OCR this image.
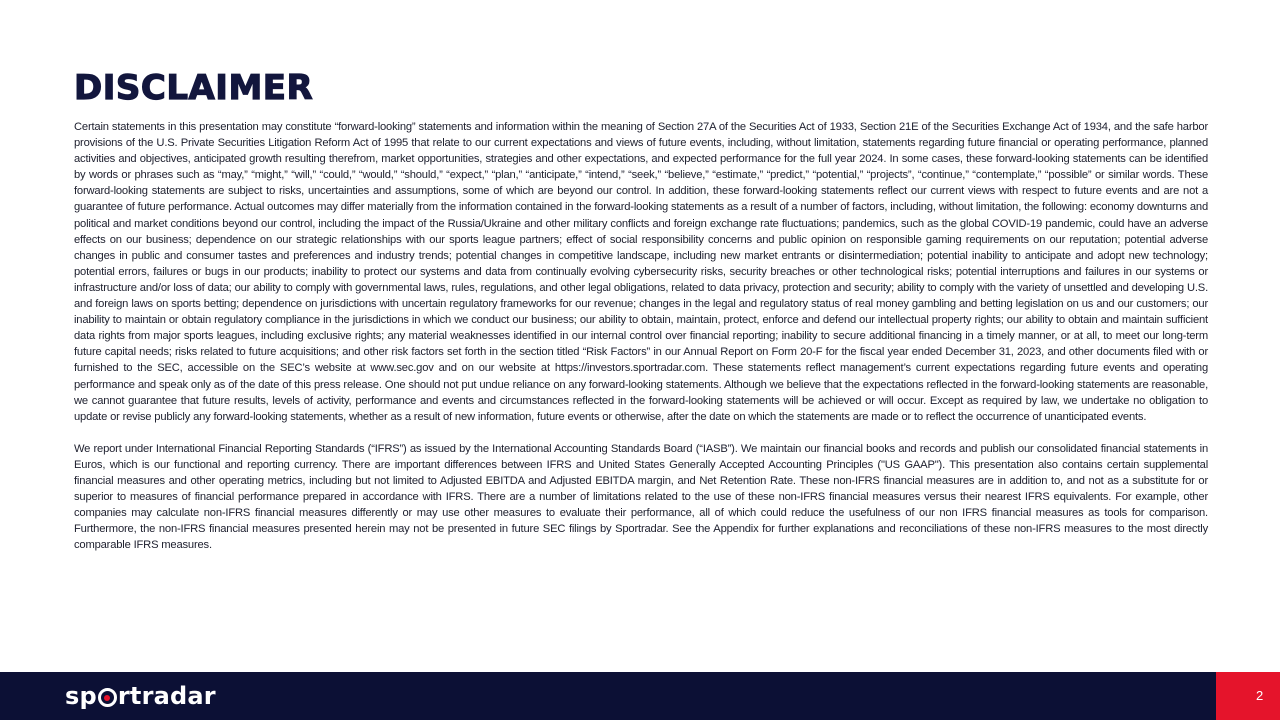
DISCLAIMER

Certain statements in this presentation may constitute “forward-looking” statements and information within the meaning of Section 27A of the Securities Act of 1933, Section 21E of the Securities Exchange Act of 1934, and the safe harbor provisions of the U.S. Private Securities Litigation Reform Act of 1995 that relate to our current expectations and views of future events, including, without limitation, statements regarding future financial or operating performance, planned activities and objectives, anticipated growth resulting therefrom, market opportunities, strategies and other expectations, and expected performance for the full year 2024. In some cases, these forward-looking statements can be identified by words or phrases such as “may,” “might,” “will,” “could,” “would,” “should,” “expect,” “plan,” “anticipate,” “intend,” “seek,” “believe,” “estimate,” “predict,” “potential,” “projects”, “continue,” “contemplate,” “possible” or similar words. These forward-looking statements are subject to risks, uncertainties and assumptions, some of which are beyond our control. In addition, these forward-looking statements reflect our current views with respect to future events and are not a guarantee of future performance. Actual outcomes may differ materially from the information contained in the forward-looking statements as a result of a number of factors, including, without limitation, the following: economy downturns and political and market conditions beyond our control, including the impact of the Russia/Ukraine and other military conflicts and foreign exchange rate fluctuations; pandemics, such as the global COVID-19 pandemic, could have an adverse effects on our business; dependence on our strategic relationships with our sports league partners; effect of social responsibility concerns and public opinion on responsible gaming requirements on our reputation; potential adverse changes in public and consumer tastes and preferences and industry trends; potential changes in competitive landscape, including new market entrants or disintermediation; potential inability to anticipate and adopt new technology; potential errors, failures or bugs in our products; inability to protect our systems and data from continually evolving cybersecurity risks, security breaches or other technological risks; potential interruptions and failures in our systems or infrastructure and/or loss of data; our ability to comply with governmental laws, rules, regulations, and other legal obligations, related to data privacy, protection and security; ability to comply with the variety of unsettled and developing U.S. and foreign laws on sports betting; dependence on jurisdictions with uncertain regulatory frameworks for our revenue; changes in the legal and regulatory status of real money gambling and betting legislation on us and our customers; our inability to maintain or obtain regulatory compliance in the jurisdictions in which we conduct our business; our ability to obtain, maintain, protect, enforce and defend our intellectual property rights; our ability to obtain and maintain sufficient data rights from major sports leagues, including exclusive rights; any material weaknesses identified in our internal control over financial reporting; inability to secure additional financing in a timely manner, or at all, to meet our long-term future capital needs; risks related to future acquisitions; and other risk factors set forth in the section titled “Risk Factors” in our Annual Report on Form 20-F for the fiscal year ended December 31, 2023, and other documents filed with or furnished to the SEC, accessible on the SEC’s website at www.sec.gov and on our website at https://investors.sportradar.com. These statements reflect management’s current expectations regarding future events and operating performance and speak only as of the date of this press release. One should not put undue reliance on any forward-looking statements. Although we believe that the expectations reflected in the forward-looking statements are reasonable, we cannot guarantee that future results, levels of activity, performance and events and circumstances reflected in the forward-looking statements will be achieved or will occur. Except as required by law, we undertake no obligation to update or revise publicly any forward-looking statements, whether as a result of new information, future events or otherwise, after the date on which the statements are made or to reflect the occurrence of unanticipated events.

We report under International Financial Reporting Standards (“IFRS”) as issued by the International Accounting Standards Board (“IASB”). We maintain our financial books and records and publish our consolidated financial statements in Euros, which is our functional and reporting currency. There are important differences between IFRS and United States Generally Accepted Accounting Principles ("US GAAP"). This presentation also contains certain supplemental financial measures and other operating metrics, including but not limited to Adjusted EBITDA and Adjusted EBITDA margin, and Net Retention Rate. These non-IFRS financial measures are in addition to, and not as a substitute for or superior to measures of financial performance prepared in accordance with IFRS. There are a number of limitations related to the use of these non-IFRS financial measures versus their nearest IFRS equivalents. For example, other companies may calculate non-IFRS financial measures differently or may use other measures to evaluate their performance, all of which could reduce the usefulness of our non IFRS financial measures as tools for comparison. Furthermore, the non-IFRS financial measures presented herein may not be presented in future SEC filings by Sportradar. See the Appendix for further explanations and reconciliations of these non-IFRS measures to the most directly comparable IFRS measures.

sp rtradar	2
